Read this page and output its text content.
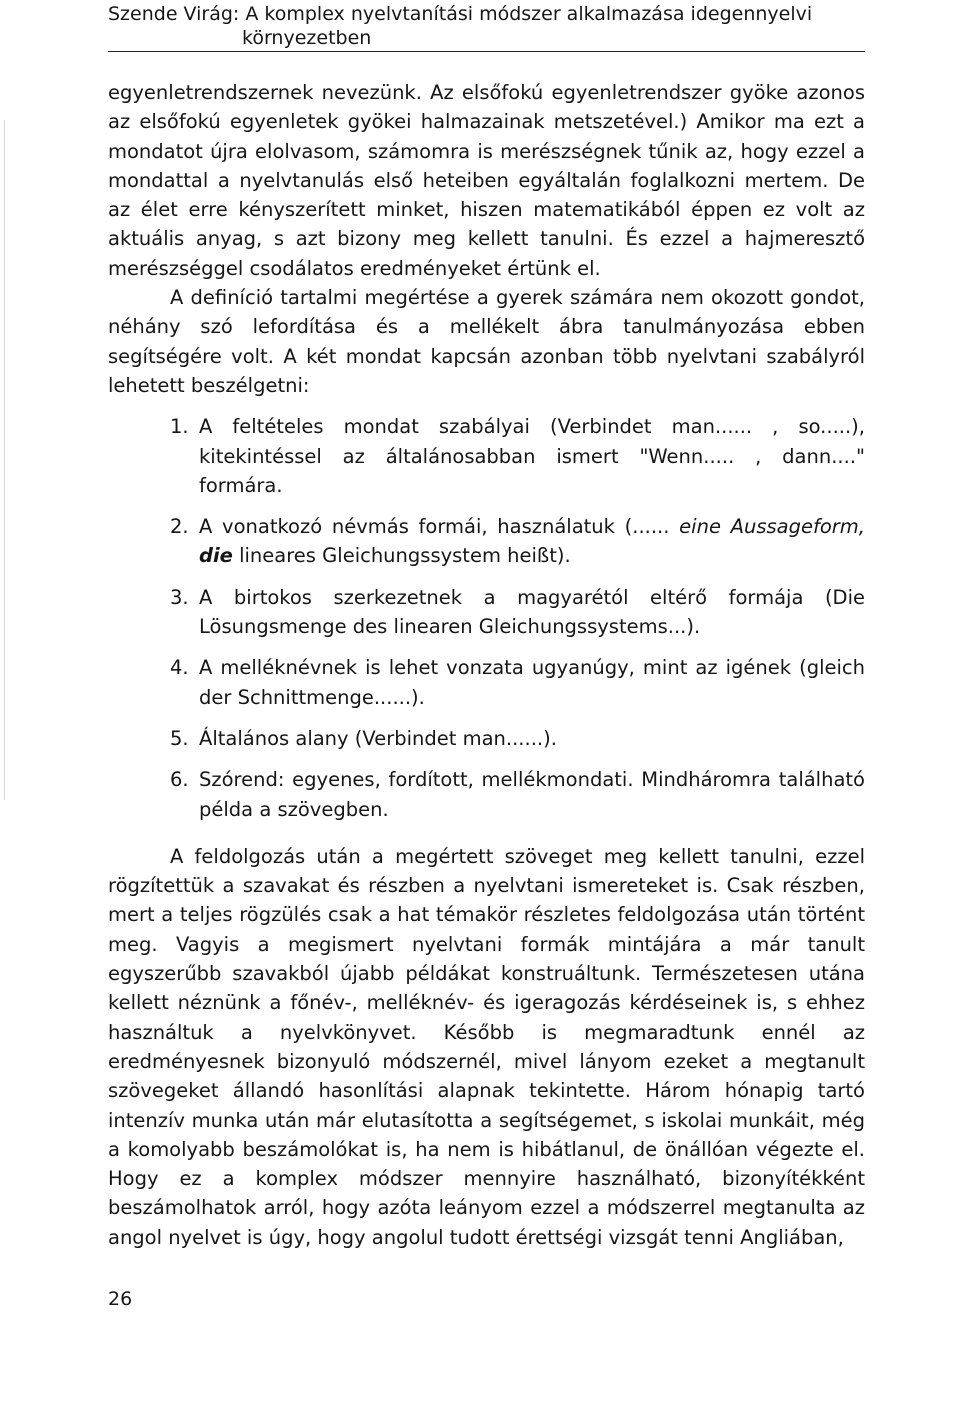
Szende Virág: A komplex nyelvtanítási módszer alkalmazása idegennyelvi
környezetben

egyenletrendszernek nevezünk. Az elsőfokú egyenletrendszer gyöke azonos az elsőfokú egyenletek gyökei halmazainak metszetével.) Amikor ma ezt a mondatot újra elolvasom, számomra is merészségnek tűnik az, hogy ezzel a mondattal a nyelvtanulás első heteiben egyáltalán foglalkozni mertem. De az élet erre kényszerített minket, hiszen matematikából éppen ez volt az aktuális anyag, s azt bizony meg kellett tanulni. És ezzel a hajmeresztő merészséggel csodálatos eredményeket értünk el.

A definíció tartalmi megértése a gyerek számára nem okozott gondot, néhány szó lefordítása és a mellékelt ábra tanulmányozása ebben segítségére volt. A két mondat kapcsán azonban több nyelvtani szabályról lehetett beszélgetni:

1. A feltételes mondat szabályai (Verbindet man...... , so.....), kitekintéssel az általánosabban ismert "Wenn..... , dann...." formára.
2. A vonatkozó névmás formái, használatuk (...... eine Aussageform, die lineares Gleichungssystem heißt).
3. A birtokos szerkezetnek a magyarétól eltérő formája (Die Lösungsmenge des linearen Gleichungssystems...).
4. A melléknévnek is lehet vonzata ugyanúgy, mint az igének (gleich der Schnittmenge......).
5. Általános alany (Verbindet man......).
6. Szórend: egyenes, fordított, mellékmondati. Mindháromra található példa a szövegben.

A feldolgozás után a megértett szöveget meg kellett tanulni, ezzel rögzítettük a szavakat és részben a nyelvtani ismereteket is. Csak részben, mert a teljes rögzülés csak a hat témakör részletes feldolgozása után történt meg. Vagyis a megismert nyelvtani formák mintájára a már tanult egyszerűbb szavakból újabb példákat konstruáltunk. Természetesen utána kellett néznünk a főnév-, melléknév- és igeragozás kérdéseinek is, s ehhez használtuk a nyelvkönyvet. Később is megmaradtunk ennél az eredményesnek bizonyuló módszernél, mivel lányom ezeket a megtanult szövegeket állandó hasonlítási alapnak tekintette. Három hónapig tartó intenzív munka után már elutasította a segítségemet, s iskolai munkáit, még a komolyabb beszámolókat is, ha nem is hibátlanul, de önállóan végezte el. Hogy ez a komplex módszer mennyire használható, bizonyítékként beszámolhatok arról, hogy azóta leányom ezzel a módszerrel megtanulta az angol nyelvet is úgy, hogy angolul tudott érettségi vizsgát tenni Angliában,

26
